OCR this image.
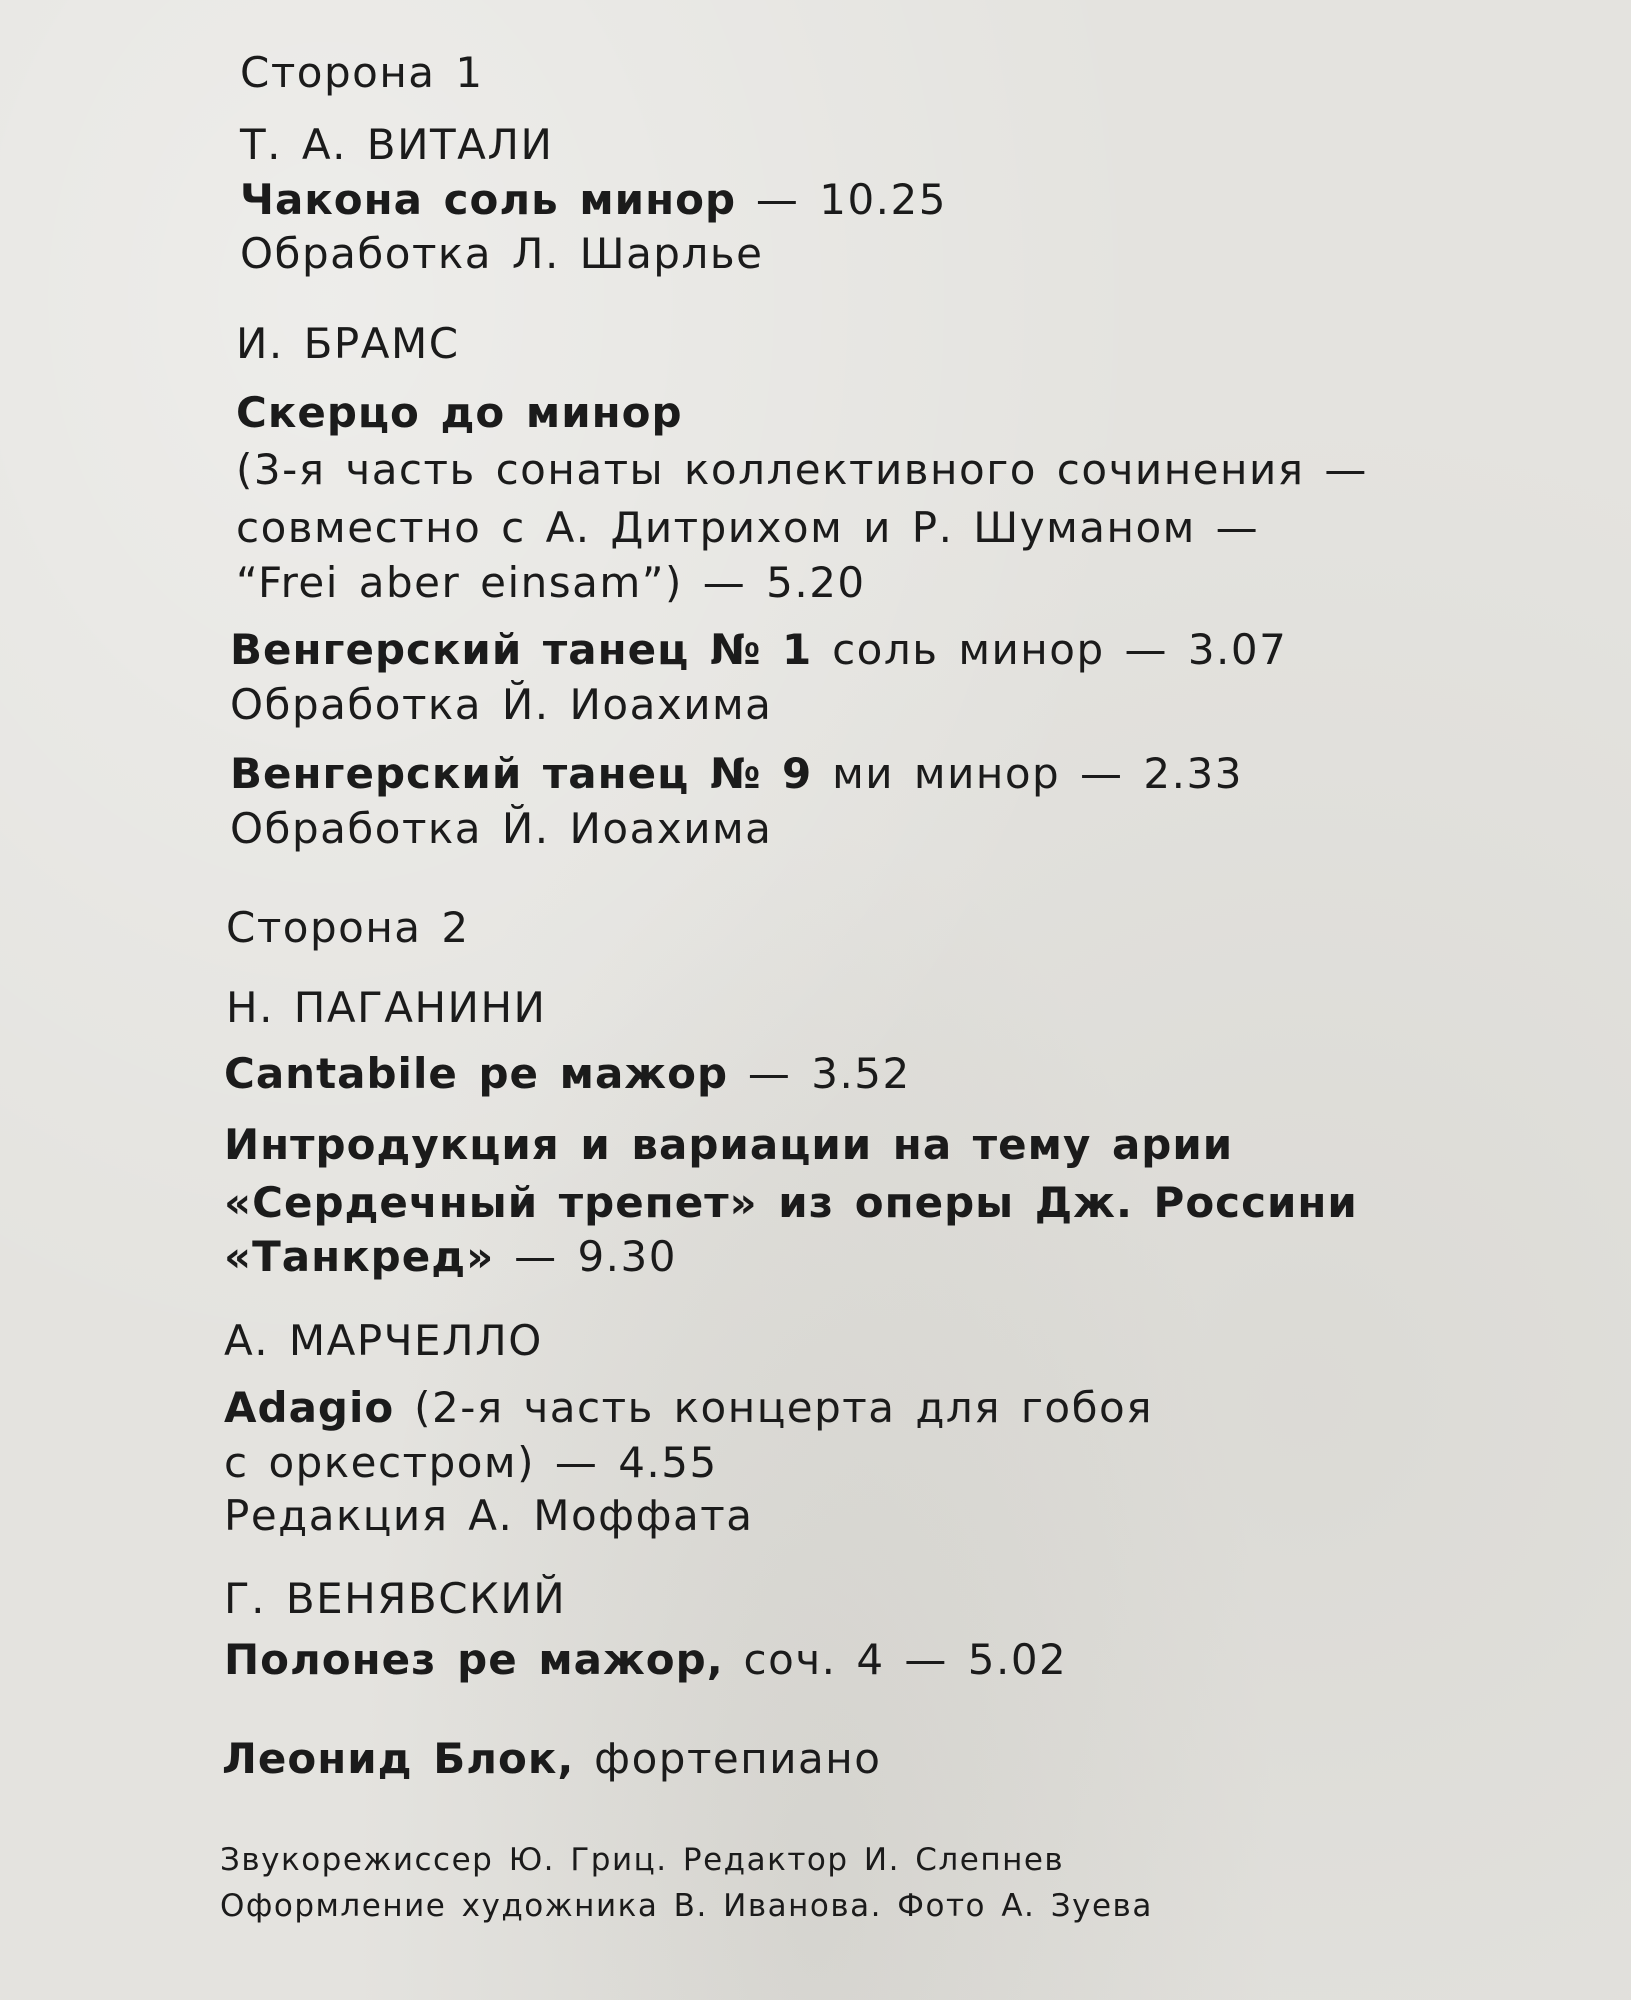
Сторона 1
Т. А. ВИТАЛИ
Чакона соль минор — 10.25
Обработка Л. Шарлье
И. БРАМС
Скерцо до минор
(3-я часть сонаты коллективного сочинения —
совместно с А. Дитрихом и Р. Шуманом —
“Frei aber einsam”) — 5.20
Венгерский танец № 1 соль минор — 3.07
Обработка Й. Иоахима
Венгерский танец № 9 ми минор — 2.33
Обработка Й. Иоахима
Сторона 2
Н. ПАГАНИНИ
Cantabile ре мажор — 3.52
Интродукция и вариации на тему арии
«Сердечный трепет» из оперы Дж. Россини
«Танкред» — 9.30
А. МАРЧЕЛЛО
Adagio (2-я часть концерта для гобоя
с оркестром) — 4.55
Редакция А. Моффата
Г. ВЕНЯВСКИЙ
Полонез ре мажор, соч. 4 — 5.02
Леонид Блок, фортепиано
Звукорежиссер Ю. Гриц. Редактор И. Слепнев
Оформление художника В. Иванова. Фото А. Зуева
